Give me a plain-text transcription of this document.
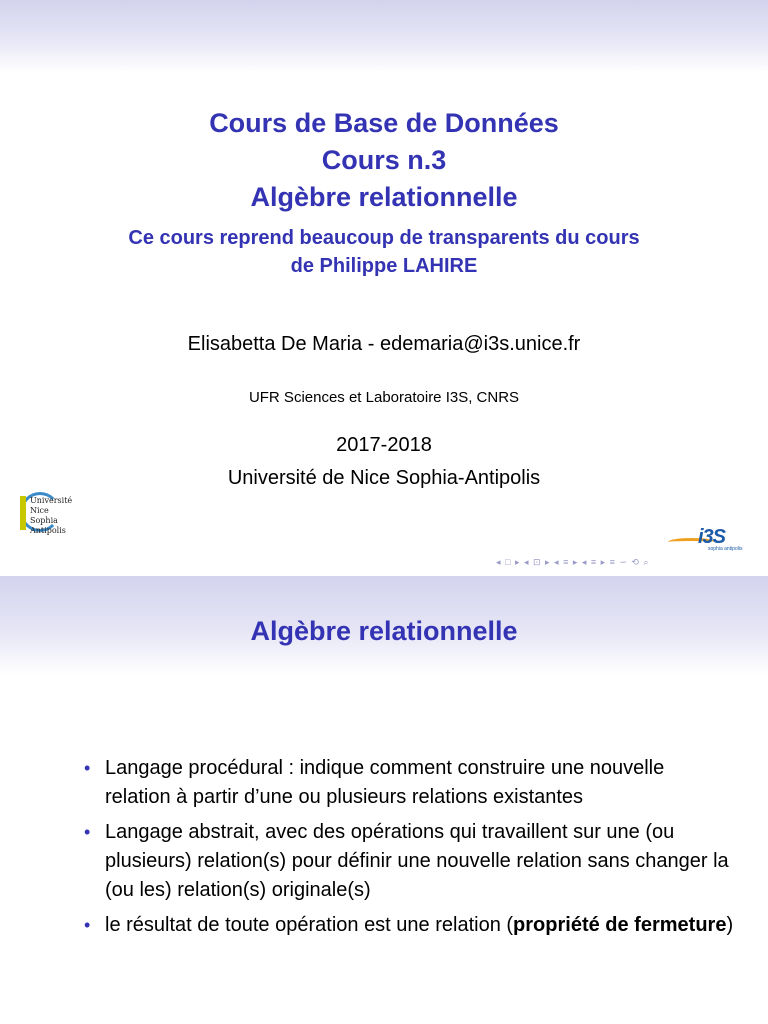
Cours de Base de Données
Cours n.3
Algèbre relationnelle
Ce cours reprend beaucoup de transparents du cours
de Philippe LAHIRE
Elisabetta De Maria - edemaria@i3s.unice.fr
UFR Sciences et Laboratoire I3S, CNRS
2017-2018
Université de Nice Sophia-Antipolis
Université
Nice
Sophia Antipolis	i3S
sophia antipolis
◂ □ ▸ ◂ ⊡ ▸ ◂ ≡ ▸ ◂ ≡ ▸ ≡ ∽ ⟲ ⌕
Algèbre relationnelle
• Langage procédural : indique comment construire une nouvelle relation à partir d’une ou plusieurs relations existantes
• Langage abstrait, avec des opérations qui travaillent sur une (ou plusieurs) relation(s) pour définir une nouvelle relation sans changer la (ou les) relation(s) originale(s)
• le résultat de toute opération est une relation (propriété de fermeture)
